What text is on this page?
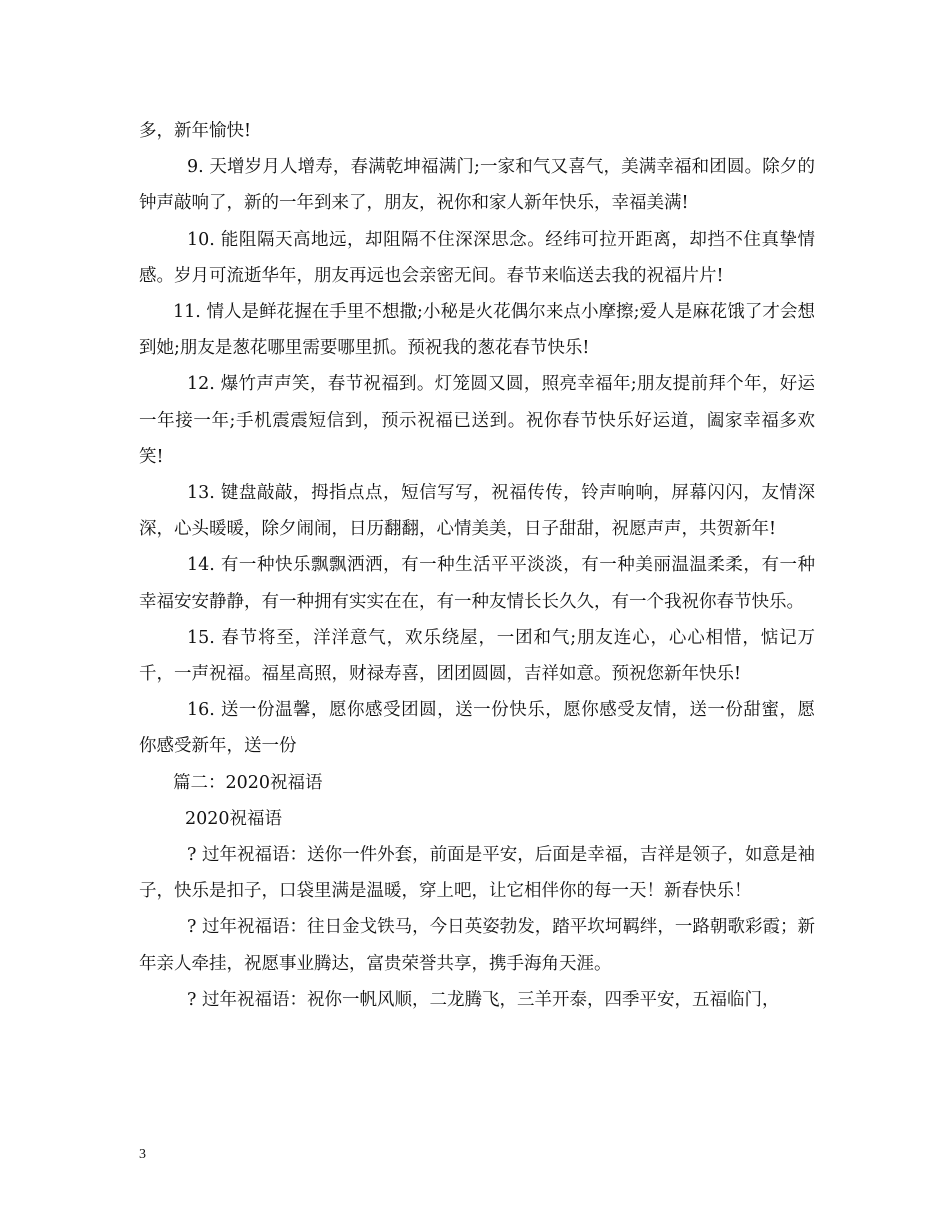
多，新年愉快!

9. 天增岁月人增寿，春满乾坤福满门;一家和气又喜气，美满幸福和团圆。除夕的钟声敲响了，新的一年到来了，朋友，祝你和家人新年快乐，幸福美满!

10. 能阻隔天高地远，却阻隔不住深深思念。经纬可拉开距离，却挡不住真挚情感。岁月可流逝华年，朋友再远也会亲密无间。春节来临送去我的祝福片片!

11. 情人是鲜花握在手里不想撒;小秘是火花偶尔来点小摩擦;爱人是麻花饿了才会想到她;朋友是葱花哪里需要哪里抓。预祝我的葱花春节快乐!

12. 爆竹声声笑，春节祝福到。灯笼圆又圆，照亮幸福年;朋友提前拜个年，好运一年接一年;手机震震短信到，预示祝福已送到。祝你春节快乐好运道，阖家幸福多欢笑!

13. 键盘敲敲，拇指点点，短信写写，祝福传传，铃声响响，屏幕闪闪，友情深深，心头暖暖，除夕闹闹，日历翻翻，心情美美，日子甜甜，祝愿声声，共贺新年!

14. 有一种快乐飘飘洒洒，有一种生活平平淡淡，有一种美丽温温柔柔，有一种幸福安安静静，有一种拥有实实在在，有一种友情长长久久，有一个我祝你春节快乐。

15. 春节将至，洋洋意气，欢乐绕屋，一团和气;朋友连心，心心相惜，惦记万千，一声祝福。福星高照，财禄寿喜，团团圆圆，吉祥如意。预祝您新年快乐!

16. 送一份温馨，愿你感受团圆，送一份快乐，愿你感受友情，送一份甜蜜，愿你感受新年，送一份

篇二：2020祝福语

2020祝福语

? 过年祝福语：送你一件外套，前面是平安，后面是幸福，吉祥是领子，如意是袖子，快乐是扣子，口袋里满是温暖，穿上吧，让它相伴你的每一天！新春快乐！

? 过年祝福语：往日金戈铁马，今日英姿勃发，踏平坎坷羁绊，一路朝歌彩霞；新年亲人牵挂，祝愿事业腾达，富贵荣誉共享，携手海角天涯。

? 过年祝福语：祝你一帆风顺，二龙腾飞，三羊开泰，四季平安，五福临门，

3
